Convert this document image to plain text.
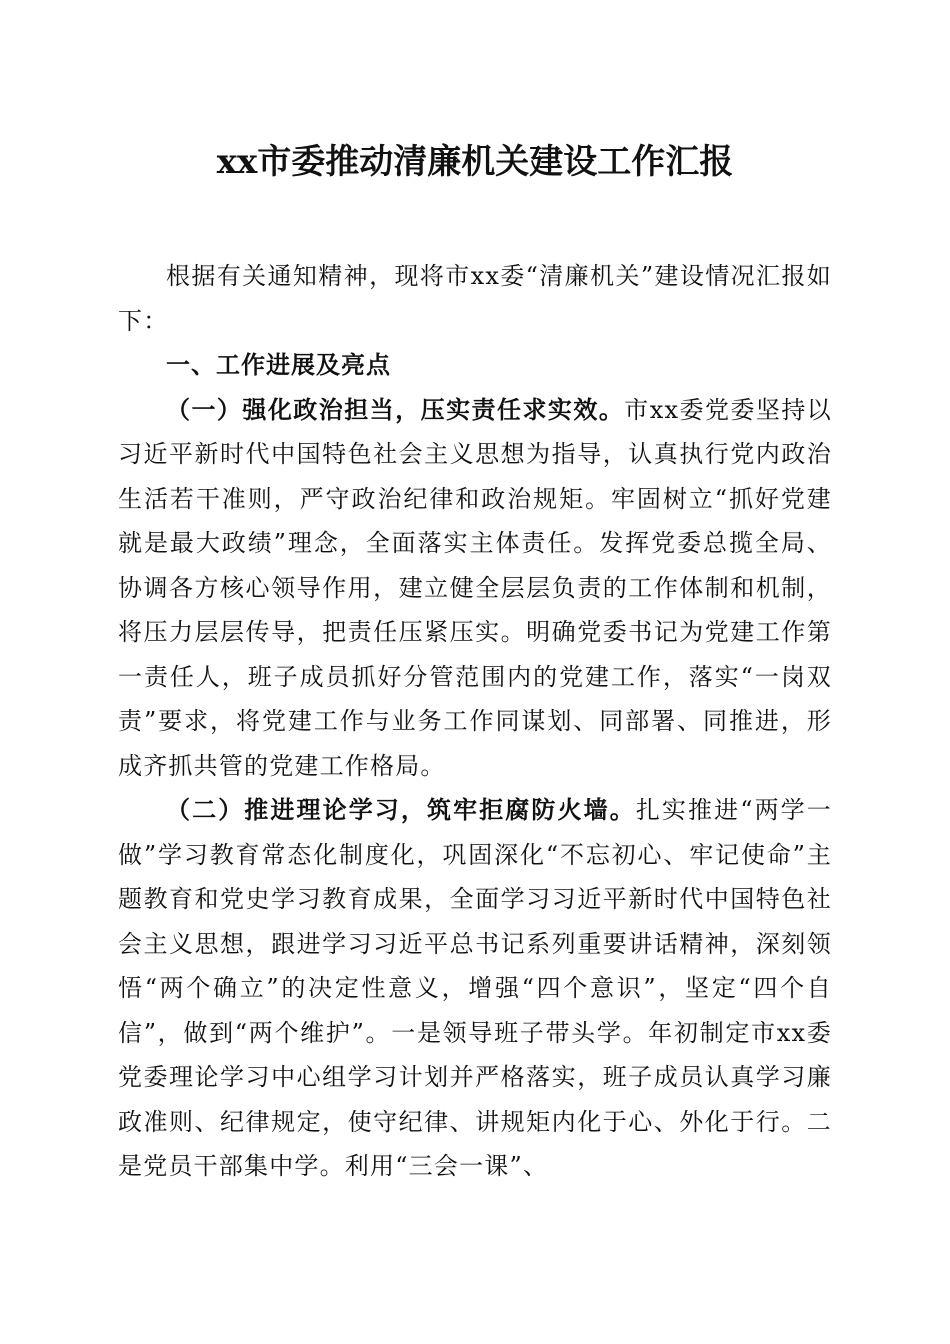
xx市委推动清廉机关建设工作汇报

根据有关通知精神，现将市xx委“清廉机关”建设情况汇报如下：

一、工作进展及亮点

（一）强化政治担当，压实责任求实效。市xx委党委坚持以习近平新时代中国特色社会主义思想为指导，认真执行党内政治生活若干准则，严守政治纪律和政治规矩。牢固树立“抓好党建就是最大政绩”理念，全面落实主体责任。发挥党委总揽全局、协调各方核心领导作用，建立健全层层负责的工作体制和机制，将压力层层传导，把责任压紧压实。明确党委书记为党建工作第一责任人，班子成员抓好分管范围内的党建工作，落实“一岗双责”要求，将党建工作与业务工作同谋划、同部署、同推进，形成齐抓共管的党建工作格局。

（二）推进理论学习，筑牢拒腐防火墙。扎实推进“两学一做”学习教育常态化制度化，巩固深化“不忘初心、牢记使命”主题教育和党史学习教育成果，全面学习习近平新时代中国特色社会主义思想，跟进学习习近平总书记系列重要讲话精神，深刻领悟“两个确立”的决定性意义，增强“四个意识”，坚定“四个自信”，做到“两个维护”。一是领导班子带头学。年初制定市xx委党委理论学习中心组学习计划并严格落实，班子成员认真学习廉政准则、纪律规定，使守纪律、讲规矩内化于心、外化于行。二是党员干部集中学。利用“三会一课”、
